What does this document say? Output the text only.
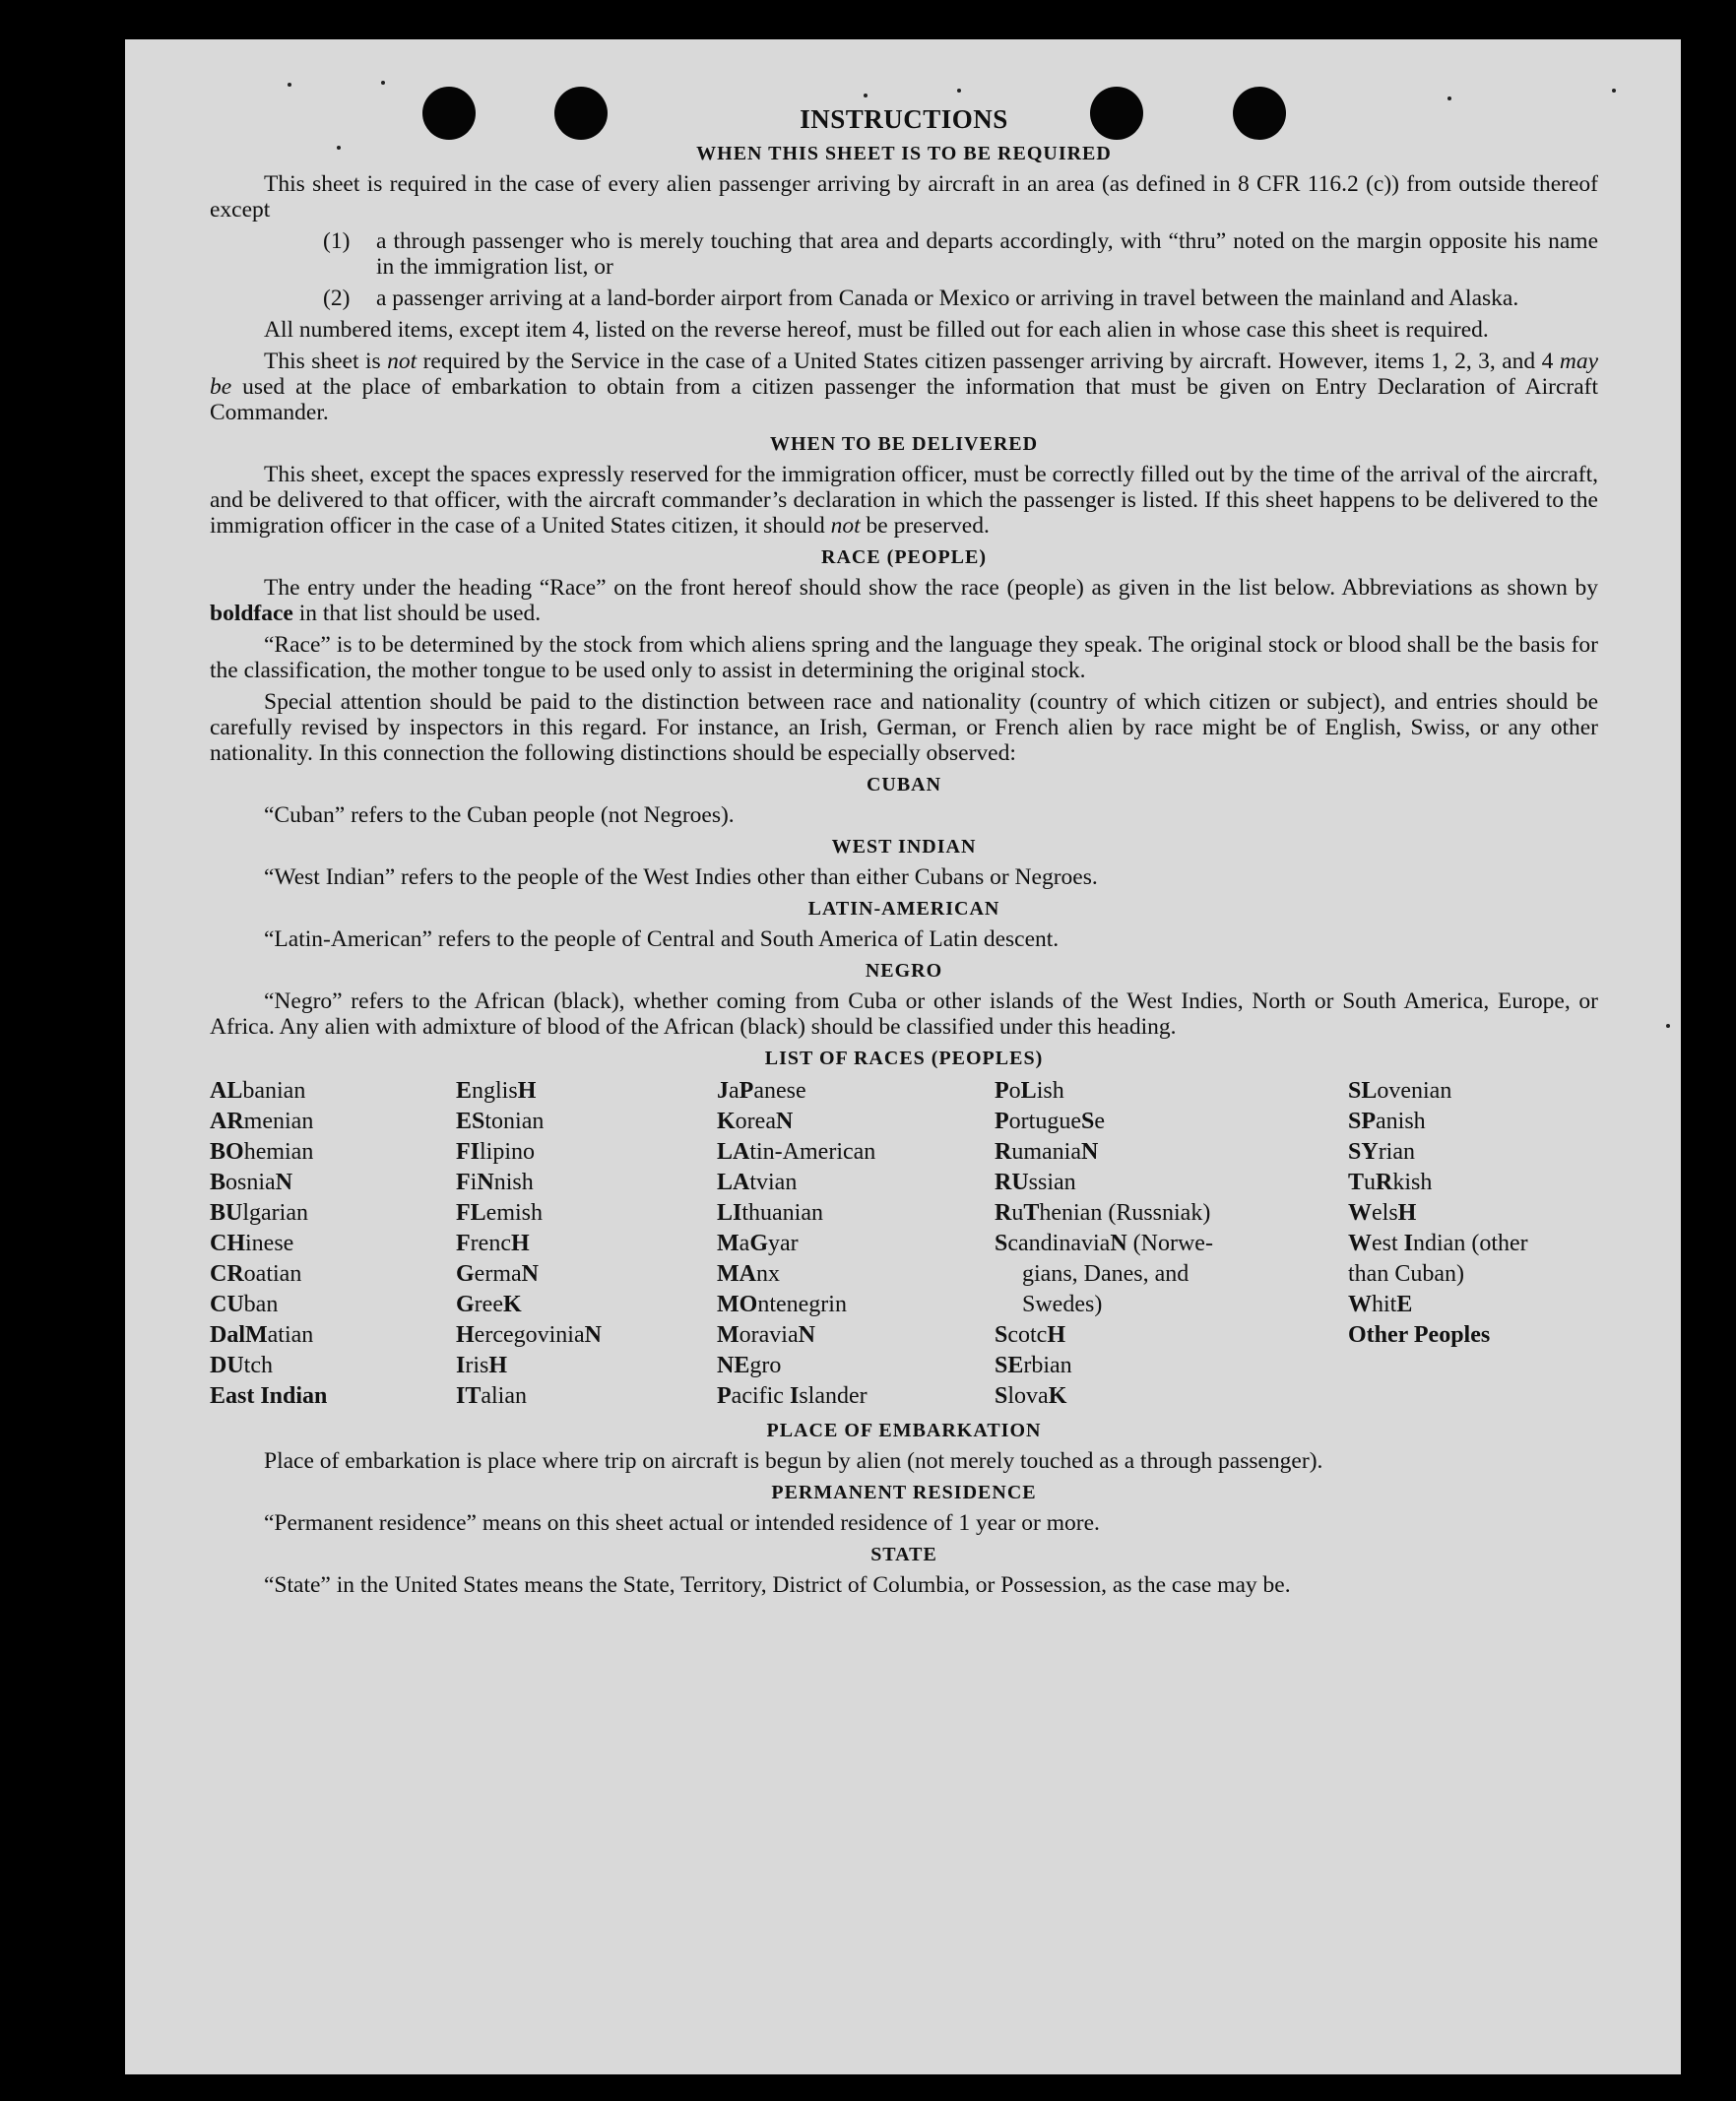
INSTRUCTIONS
WHEN THIS SHEET IS TO BE REQUIRED

This sheet is required in the case of every alien passenger arriving by aircraft in an area (as defined in 8 CFR 116.2 (c)) from outside thereof except

(1)	a through passenger who is merely touching that area and departs accordingly, with “thru” noted on the margin opposite his name in the immigration list, or
(2)	a passenger arriving at a land-border airport from Canada or Mexico or arriving in travel between the mainland and Alaska.

All numbered items, except item 4, listed on the reverse hereof, must be filled out for each alien in whose case this sheet is required.

This sheet is not required by the Service in the case of a United States citizen passenger arriving by aircraft. However, items 1, 2, 3, and 4 may be used at the place of embarkation to obtain from a citizen passenger the information that must be given on Entry Declaration of Aircraft Commander.

WHEN TO BE DELIVERED

This sheet, except the spaces expressly reserved for the immigration officer, must be correctly filled out by the time of the arrival of the aircraft, and be delivered to that officer, with the aircraft commander’s declaration in which the passenger is listed. If this sheet happens to be delivered to the immigration officer in the case of a United States citizen, it should not be preserved.

RACE (PEOPLE)

The entry under the heading “Race” on the front hereof should show the race (people) as given in the list below. Abbreviations as shown by boldface in that list should be used.

“Race” is to be determined by the stock from which aliens spring and the language they speak. The original stock or blood shall be the basis for the classification, the mother tongue to be used only to assist in determining the original stock.

Special attention should be paid to the distinction between race and nationality (country of which citizen or subject), and entries should be carefully revised by inspectors in this regard. For instance, an Irish, German, or French alien by race might be of English, Swiss, or any other nationality. In this connection the following distinctions should be especially observed:

CUBAN
“Cuban” refers to the Cuban people (not Negroes).
WEST INDIAN
“West Indian” refers to the people of the West Indies other than either Cubans or Negroes.
LATIN-AMERICAN
“Latin-American” refers to the people of Central and South America of Latin descent.
NEGRO

“Negro” refers to the African (black), whether coming from Cuba or other islands of the West Indies, North or South America, Europe, or Africa. Any alien with admixture of blood of the African (black) should be classified under this heading.

LIST OF RACES (PEOPLES)
ALbanian
ARmenian
BOhemian
BosniaN
BUlgarian
CHinese
CRoatian
CUban
DalMatian
DUtch
East Indian
EnglisH
EStonian
FIlipino
FiNnish
FLemish
FrencH
GermaN
GreeK
HercegoviniaN
IrisH
ITalian
JaPanese
KoreaN
LAtin-American
LAtvian
LIthuanian
MaGyar
MAnx
MOntenegrin
MoraviaN
NEgro
Pacific Islander
PoLish
PortugueSe
RumaniaN
RUssian
RuThenian (Russniak)
ScandinaviaN (Norwe-
gians, Danes, and
Swedes)
ScotcH
SErbian
SlovaK
SLovenian
SPanish
SYrian
TuRkish
WelsH
West Indian (other
than Cuban)
WhitE
Other Peoples
PLACE OF EMBARKATION

Place of embarkation is place where trip on aircraft is begun by alien (not merely touched as a through passenger).

PERMANENT RESIDENCE
“Permanent residence” means on this sheet actual or intended residence of 1 year or more.
STATE

“State” in the United States means the State, Territory, District of Columbia, or Possession, as the case may be.
